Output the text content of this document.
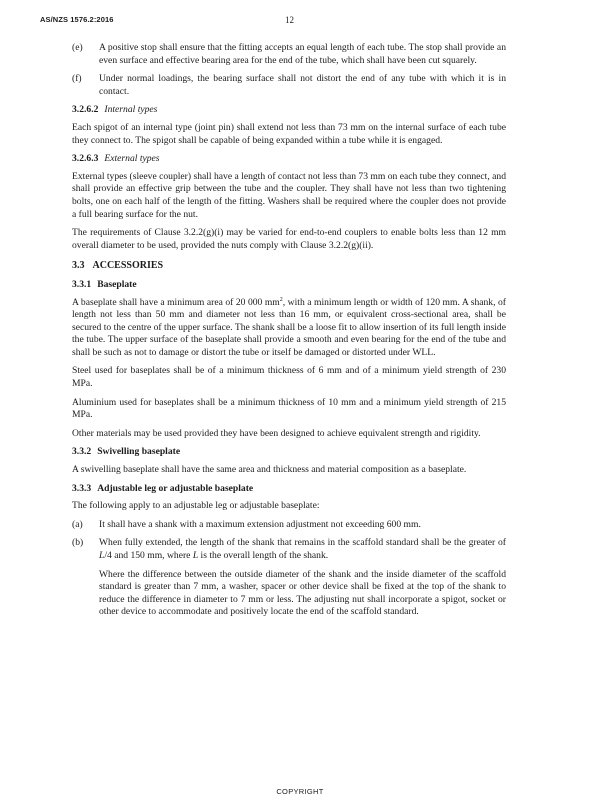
AS/NZS 1576.2:2016	12
(e)	A positive stop shall ensure that the fitting accepts an equal length of each tube. The stop shall provide an even surface and effective bearing area for the end of the tube, which shall have been cut squarely.
(f)	Under normal loadings, the bearing surface shall not distort the end of any tube with which it is in contact.
3.2.6.2 Internal types

Each spigot of an internal type (joint pin) shall extend not less than 73 mm on the internal surface of each tube they connect to. The spigot shall be capable of being expanded within a tube while it is engaged.

3.2.6.3 External types

External types (sleeve coupler) shall have a length of contact not less than 73 mm on each tube they connect, and shall provide an effective grip between the tube and the coupler. They shall have not less than two tightening bolts, one on each half of the length of the fitting. Washers shall be required where the coupler does not provide a full bearing surface for the nut.

The requirements of Clause 3.2.2(g)(i) may be varied for end-to-end couplers to enable bolts less than 12 mm overall diameter to be used, provided the nuts comply with Clause 3.2.2(g)(ii).

3.3 ACCESSORIES
3.3.1 Baseplate

A baseplate shall have a minimum area of 20 000 $mm^2$, with a minimum length or width of 120 mm. A shank, of length not less than 50 mm and diameter not less than 16 mm, or equivalent cross-sectional area, shall be secured to the centre of the upper surface. The shank shall be a loose fit to allow insertion of its full length inside the tube. The upper surface of the baseplate shall provide a smooth and even bearing for the end of the tube and shall be such as not to damage or distort the tube or itself be damaged or distorted under WLL.

Steel used for baseplates shall be of a minimum thickness of 6 mm and of a minimum yield strength of 230 MPa.

Aluminium used for baseplates shall be a minimum thickness of 10 mm and a minimum yield strength of 215 MPa.

Other materials may be used provided they have been designed to achieve equivalent strength and rigidity.

3.3.2 Swivelling baseplate

A swivelling baseplate shall have the same area and thickness and material composition as a baseplate.

3.3.3 Adjustable leg or adjustable baseplate

The following apply to an adjustable leg or adjustable baseplate:

(a)	It shall have a shank with a maximum extension adjustment not exceeding 600 mm.
(b)	When fully extended, the length of the shank that remains in the scaffold standard shall be the greater of L/4 and 150 mm, where L is the overall length of the shank.

Where the difference between the outside diameter of the shank and the inside diameter of the scaffold standard is greater than 7 mm, a washer, spacer or other device shall be fixed at the top of the shank to reduce the difference in diameter to 7 mm or less. The adjusting nut shall incorporate a spigot, socket or other device to accommodate and positively locate the end of the scaffold standard.

COPYRIGHT
